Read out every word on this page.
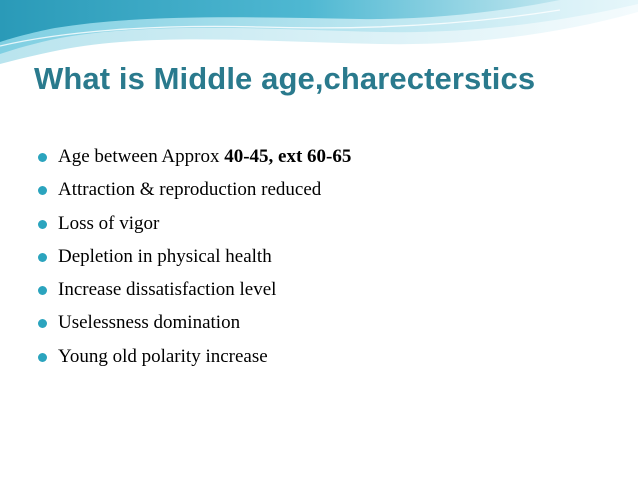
What is Middle age,charecterstics
Age between Approx 40-45, ext 60-65
Attraction & reproduction reduced
Loss of vigor
Depletion in physical health
Increase dissatisfaction level
Uselessness domination
Young old polarity increase
